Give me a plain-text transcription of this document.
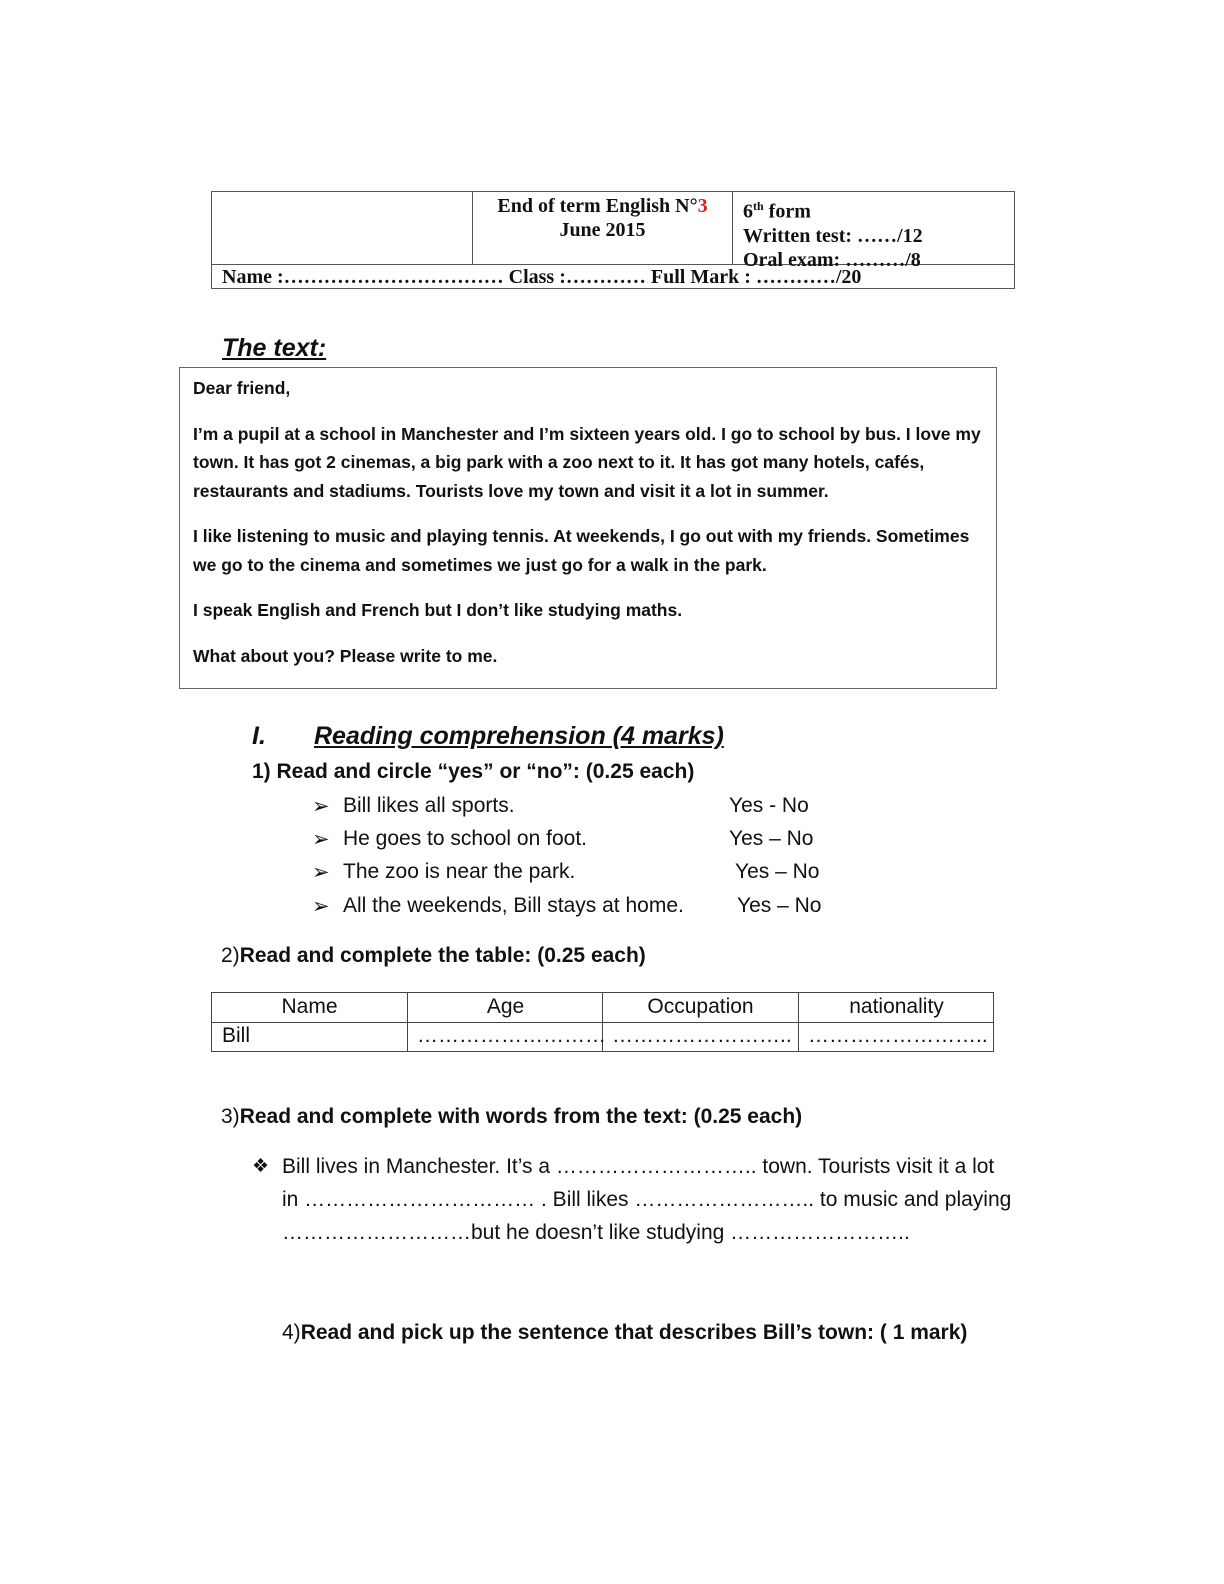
End of term English N°3
June 2015
6th form
Written test: ……/12
Oral exam: ………/8
Name :…………………………… Class :………… Full Mark : …………/20
The text:

Dear friend,

I’m a pupil at a school in Manchester and I’m sixteen years old. I go to school by bus. I love my town. It has got 2 cinemas, a big park with a zoo next to it. It has got many hotels, cafés, restaurants and stadiums. Tourists love my town and visit it a lot in summer.

I like listening to music and playing tennis. At weekends, I go out with my friends. Sometimes we go to the cinema and sometimes we just go for a walk in the park.

I speak English and French but I don’t like studying maths.

What about you? Please write to me.

I. Reading comprehension (4 marks)
1) Read and circle “yes” or “no”: (0.25 each)
➢ Bill likes all sports.	Yes - No
➢ He goes to school on foot.	Yes – No
➢ The zoo is near the park.	Yes – No
➢ All the weekends, Bill stays at home.	Yes – No
2)Read and complete the table: (0.25 each)
Name	Age	Occupation	nationality
Bill	……………………… …………………….. ……………………..
3)Read and complete with words from the text: (0.25 each)
❖ Bill lives in Manchester. It’s a ……………………….. town. Tourists visit it a lot
in …………………………… . Bill likes …………………….. to music and playing
………………………but he doesn’t like studying ……………………..
4)Read and pick up the sentence that describes Bill’s town: ( 1 mark)
